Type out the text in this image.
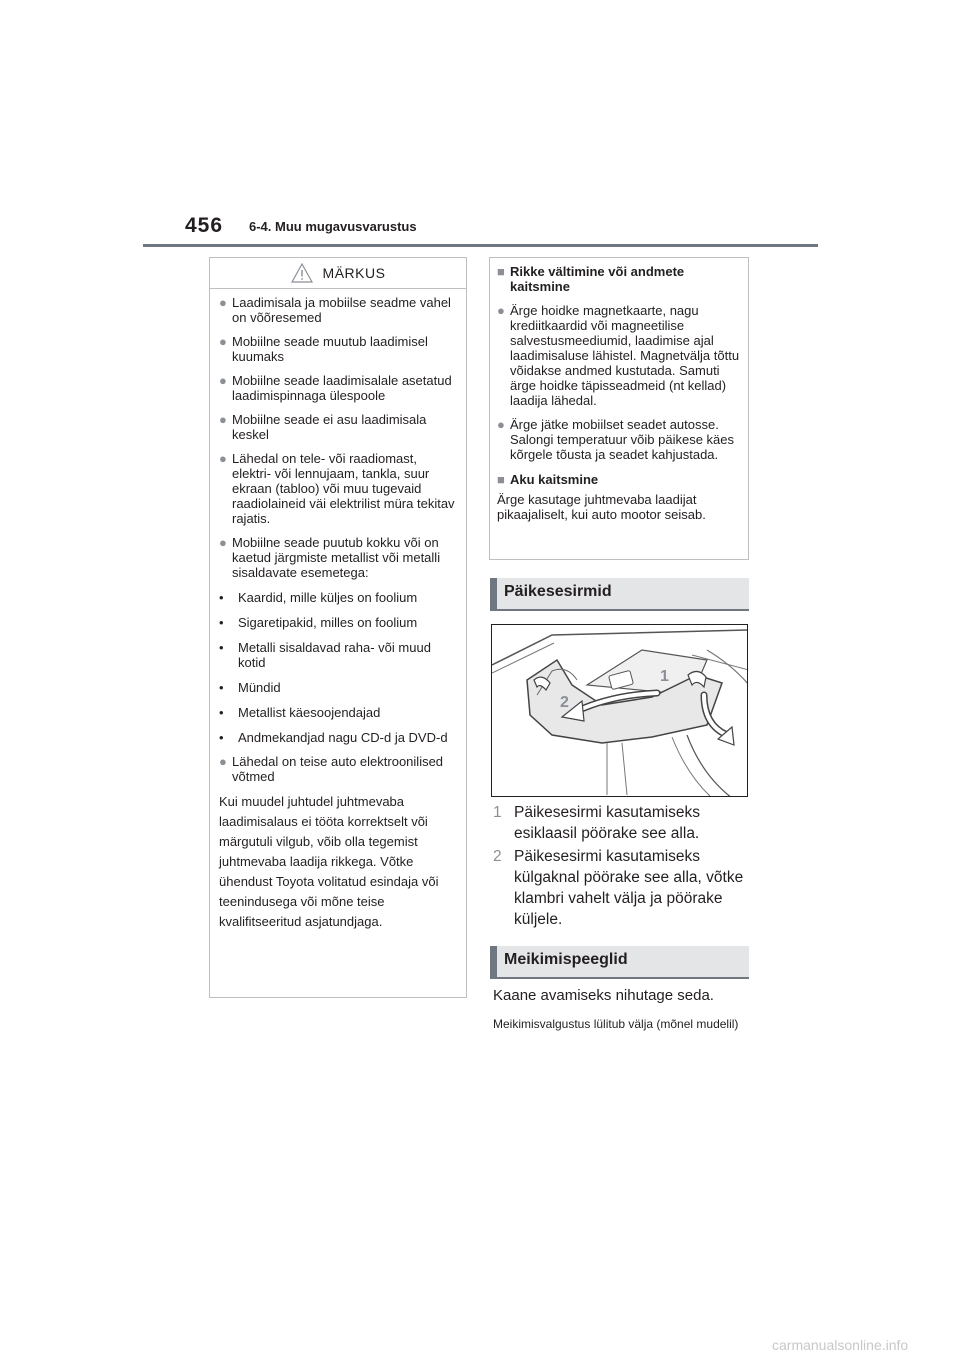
456 6-4. Muu mugavusvarustus
MÄRKUS
● Laadimisala ja mobiilse seadme vahel on võõresemed
● Mobiilne seade muutub laadimisel kuumaks
● Mobiilne seade laadimisalale asetatud laadimispinnaga ülespoole
● Mobiilne seade ei asu laadimisala keskel
● Lähedal on tele- või raadiomast, elektri- või lennujaam, tankla, suur ekraan (tabloo) või muu tugevaid raadiolaineid väi elektrilist müra tekitav rajatis.
● Mobiilne seade puutub kokku või on kaetud järgmiste metallist või metalli sisaldavate esemetega:
•	Kaardid, mille küljes on foolium
•	Sigaretipakid, milles on foolium
•	Metalli sisaldavad raha- või muud kotid
•	Mündid
•	Metallist käesoojendajad
•	Andmekandjad nagu CD-d ja DVD-d
● Lähedal on teise auto elektroonilised võtmed
Kui muudel juhtudel juhtmevaba laadimisalaus ei tööta korrektselt või märgutuli vilgub, võib olla tegemist juhtmevaba laadija rikkega. Võtke ühendust Toyota volitatud esindaja või teenindusega või mõne teise kvalifitseeritud asjatundjaga.
■ Rikke vältimine või andmete kaitsmine
● Ärge hoidke magnetkaarte, nagu krediitkaardid või magneetilise salvestusmeediumid, laadimise ajal laadimisaluse lähistel. Magnetvälja tõttu võidakse andmed kustutada. Samuti ärge hoidke täpisseadmeid (nt kellad) laadija lähedal.
● Ärge jätke mobiilset seadet autosse. Salongi temperatuur võib päikese käes kõrgele tõusta ja seadet kahjustada.
■ Aku kaitsmine
Ärge kasutage juhtmevaba laadijat pikaajaliselt, kui auto mootor seisab.
Päikesesirmid
1
2
1 Päikesesirmi kasutamiseks esiklaasil pöörake see alla.
2 Päikesesirmi kasutamiseks külgaknal pöörake see alla, võtke klambri vahelt välja ja pöörake küljele.
Meikimispeeglid
Kaane avamiseks nihutage seda.
Meikimisvalgustus lülitub välja (mõnel mudelil)
carmanualsonline.info
